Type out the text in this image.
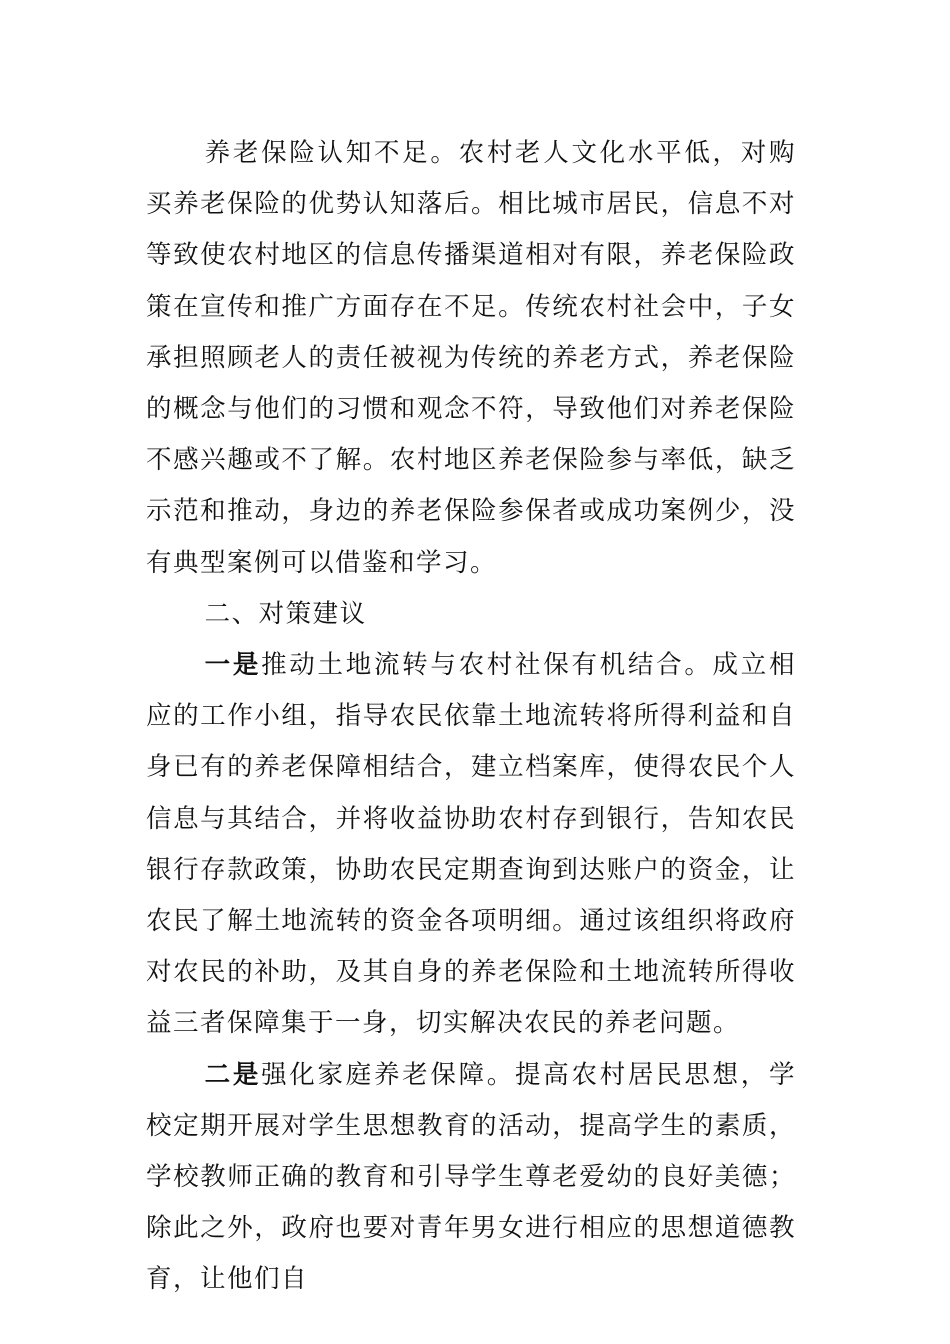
养老保险认知不足。农村老人文化水平低，对购买养老保险的优势认知落后。相比城市居民，信息不对等致使农村地区的信息传播渠道相对有限，养老保险政策在宣传和推广方面存在不足。传统农村社会中，子女承担照顾老人的责任被视为传统的养老方式，养老保险的概念与他们的习惯和观念不符，导致他们对养老保险不感兴趣或不了解。农村地区养老保险参与率低，缺乏示范和推动，身边的养老保险参保者或成功案例少，没有典型案例可以借鉴和学习。

二、对策建议

一是推动土地流转与农村社保有机结合。成立相应的工作小组，指导农民依靠土地流转将所得利益和自身已有的养老保障相结合，建立档案库，使得农民个人信息与其结合，并将收益协助农村存到银行，告知农民银行存款政策，协助农民定期查询到达账户的资金，让农民了解土地流转的资金各项明细。通过该组织将政府对农民的补助，及其自身的养老保险和土地流转所得收益三者保障集于一身，切实解决农民的养老问题。

二是强化家庭养老保障。提高农村居民思想，学校定期开展对学生思想教育的活动，提高学生的素质，学校教师正确的教育和引导学生尊老爱幼的良好美德；除此之外，政府也要对青年男女进行相应的思想道德教育，让他们自
